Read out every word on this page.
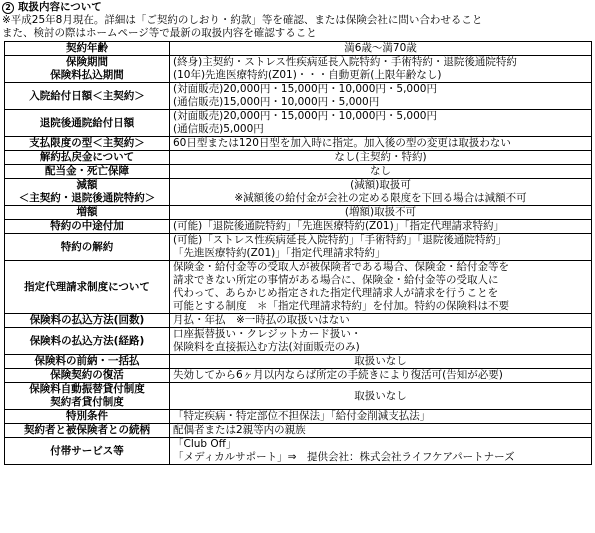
2 取扱内容について
※平成25年8月現在。詳細は「ご契約のしおり・約款」等を確認、または保険会社に問い合わせること
また、検討の際はホームページ等で最新の取扱内容を確認すること
契約年齢	満6歳～満70歳

保険期間
保険料払込期間	(終身)主契約・ストレス性疾病延長入院特約・手術特約・退院後通院特約
(10年)先進医療特約(Z01)・・・自動更新(上限年齢なし)

入院給付日額＜主契約＞	(対面販売)20,000円・15,000円・10,000円・5,000円
(通信販売)15,000円・10,000円・5,000円

退院後通院給付日額	(対面販売)20,000円・15,000円・10,000円・5,000円
(通信販売)5,000円

支払限度の型＜主契約＞	60日型または120日型を加入時に指定。加入後の型の変更は取扱わない

解約払戻金について	なし(主契約・特約)

配当金・死亡保障	なし

減額
＜主契約・退院後通院特約＞	(減額)取扱可
※減額後の給付金が会社の定める限度を下回る場合は減額不可

増額	(増額)取扱不可

特約の中途付加	(可能)「退院後通院特約」「先進医療特約(Z01)」「指定代理請求特約」

特約の解約	(可能)「ストレス性疾病延長入院特約」「手術特約」「退院後通院特約」
「先進医療特約(Z01)」「指定代理請求特約」

指定代理請求制度について	保険金・給付金等の受取人が被保険者である場合、保険金・給付金等を
請求できない所定の事情がある場合に、保険金・給付金等の受取人に
代わって、あらかじめ指定された指定代理請求人が請求を行うことを
可能とする制度　＊「指定代理請求特約」を付加。特約の保険料は不要

保険料の払込方法(回数)	月払・年払　※一時払の取扱いはない

保険料の払込方法(経路)	口座振替扱い・クレジットカード扱い・
保険料を直接振込む方法(対面販売のみ)

保険料の前納・一括払	取扱いなし

保険契約の復活	失効してから6ヶ月以内ならば所定の手続きにより復活可(告知が必要)

保険料自動振替貸付制度
契約者貸付制度	取扱いなし

特別条件	「特定疾病・特定部位不担保法」「給付金削減支払法」

契約者と被保険者との続柄	配偶者または2親等内の親族

付帯サービス等	「Club Off」
「メディカルサポート」⇒　提供会社：株式会社ライフケアパートナーズ
